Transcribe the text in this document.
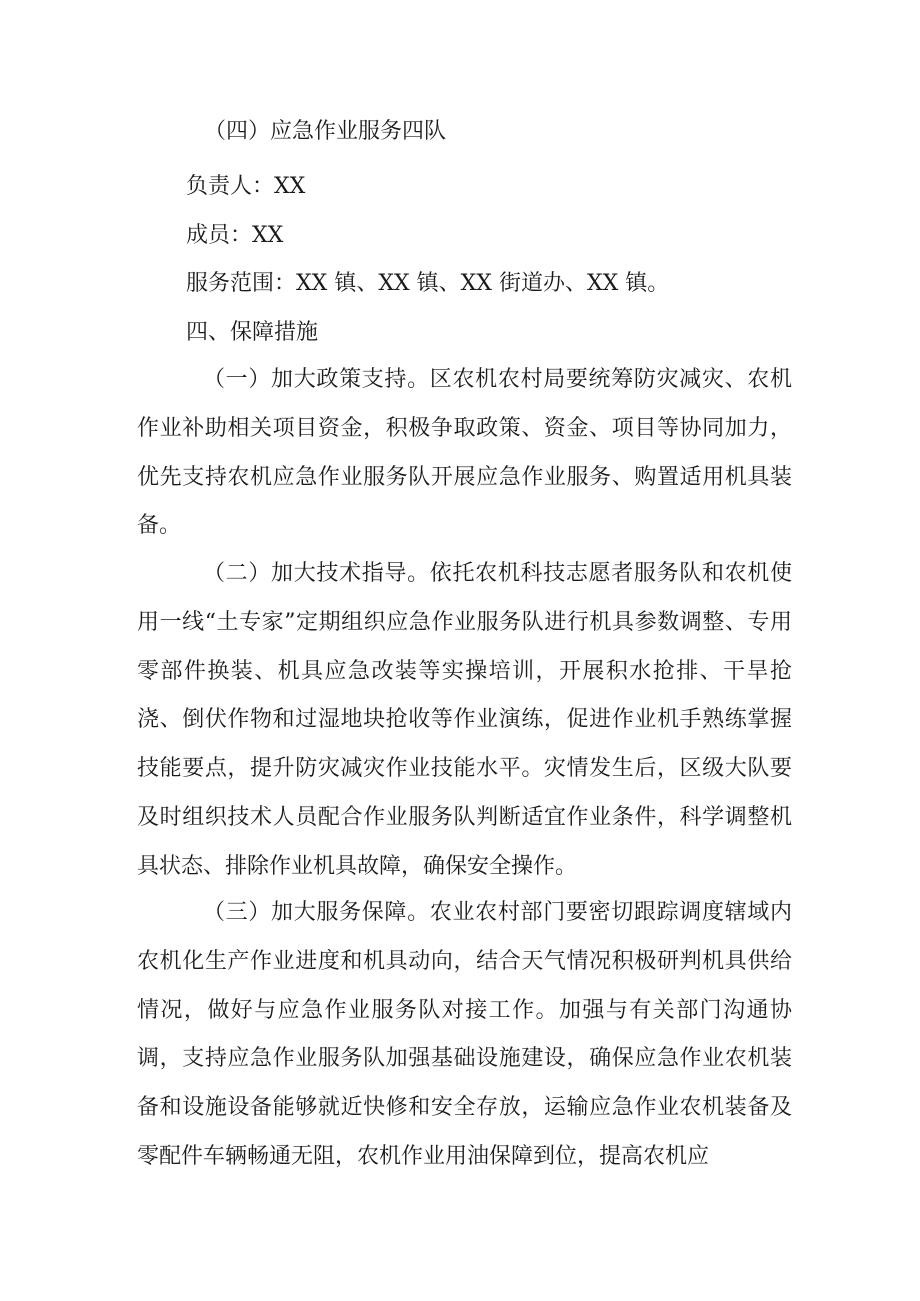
（四）应急作业服务四队
负责人：XX
成员：XX
服务范围：XX 镇、XX 镇、XX 街道办、XX 镇。
四、保障措施
（一）加大政策支持。区农机农村局要统筹防灾减灾、农机作业补助相关项目资金，积极争取政策、资金、项目等协同加力，优先支持农机应急作业服务队开展应急作业服务、购置适用机具装备。
（二）加大技术指导。依托农机科技志愿者服务队和农机使用一线“土专家”定期组织应急作业服务队进行机具参数调整、专用零部件换装、机具应急改装等实操培训，开展积水抢排、干旱抢浇、倒伏作物和过湿地块抢收等作业演练，促进作业机手熟练掌握技能要点，提升防灾减灾作业技能水平。灾情发生后，区级大队要及时组织技术人员配合作业服务队判断适宜作业条件，科学调整机具状态、排除作业机具故障，确保安全操作。
（三）加大服务保障。农业农村部门要密切跟踪调度辖域内农机化生产作业进度和机具动向，结合天气情况积极研判机具供给情况，做好与应急作业服务队对接工作。加强与有关部门沟通协调，支持应急作业服务队加强基础设施建设，确保应急作业农机装备和设施设备能够就近快修和安全存放，运输应急作业农机装备及零配件车辆畅通无阻，农机作业用油保障到位，提高农机应
